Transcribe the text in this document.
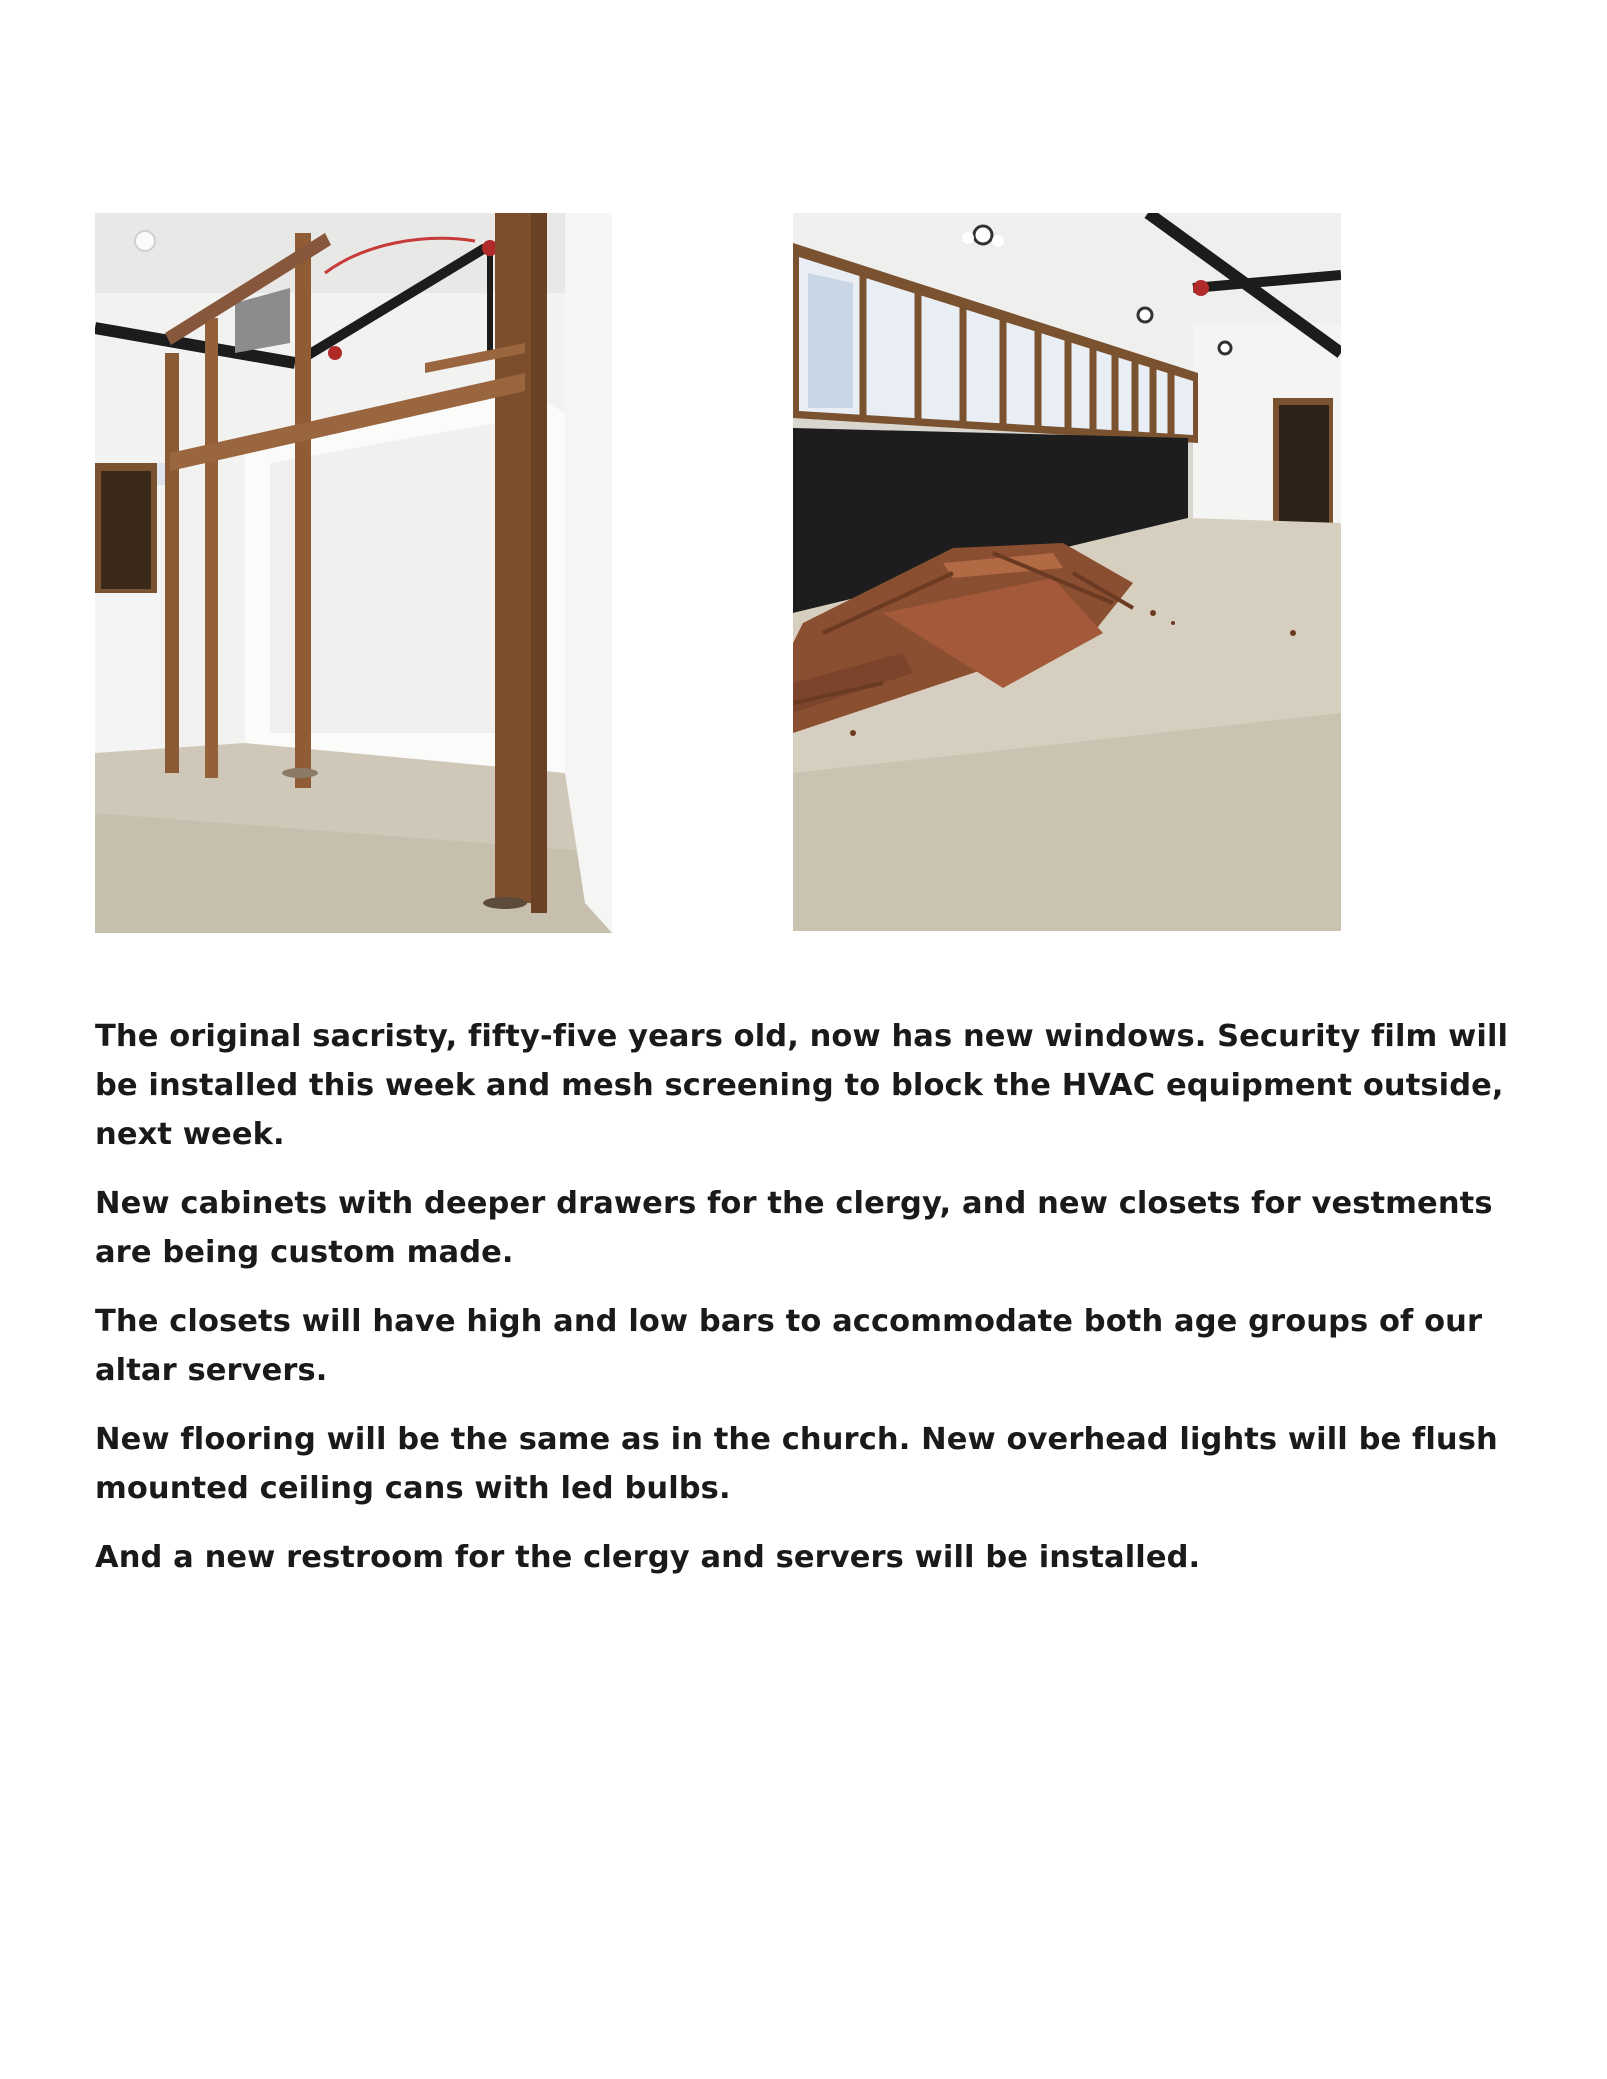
The original sacristy, fifty-five years old, now has new windows. Security film will be installed this week and mesh screening to block the HVAC equipment outside, next week.

New cabinets with deeper drawers for the clergy, and new closets for vestments are being custom made.

The closets will have high and low bars to accommodate both age groups of our altar servers.

New flooring will be the same as in the church. New overhead lights will be flush mounted ceiling cans with led bulbs.

And a new restroom for the clergy and servers will be installed.
